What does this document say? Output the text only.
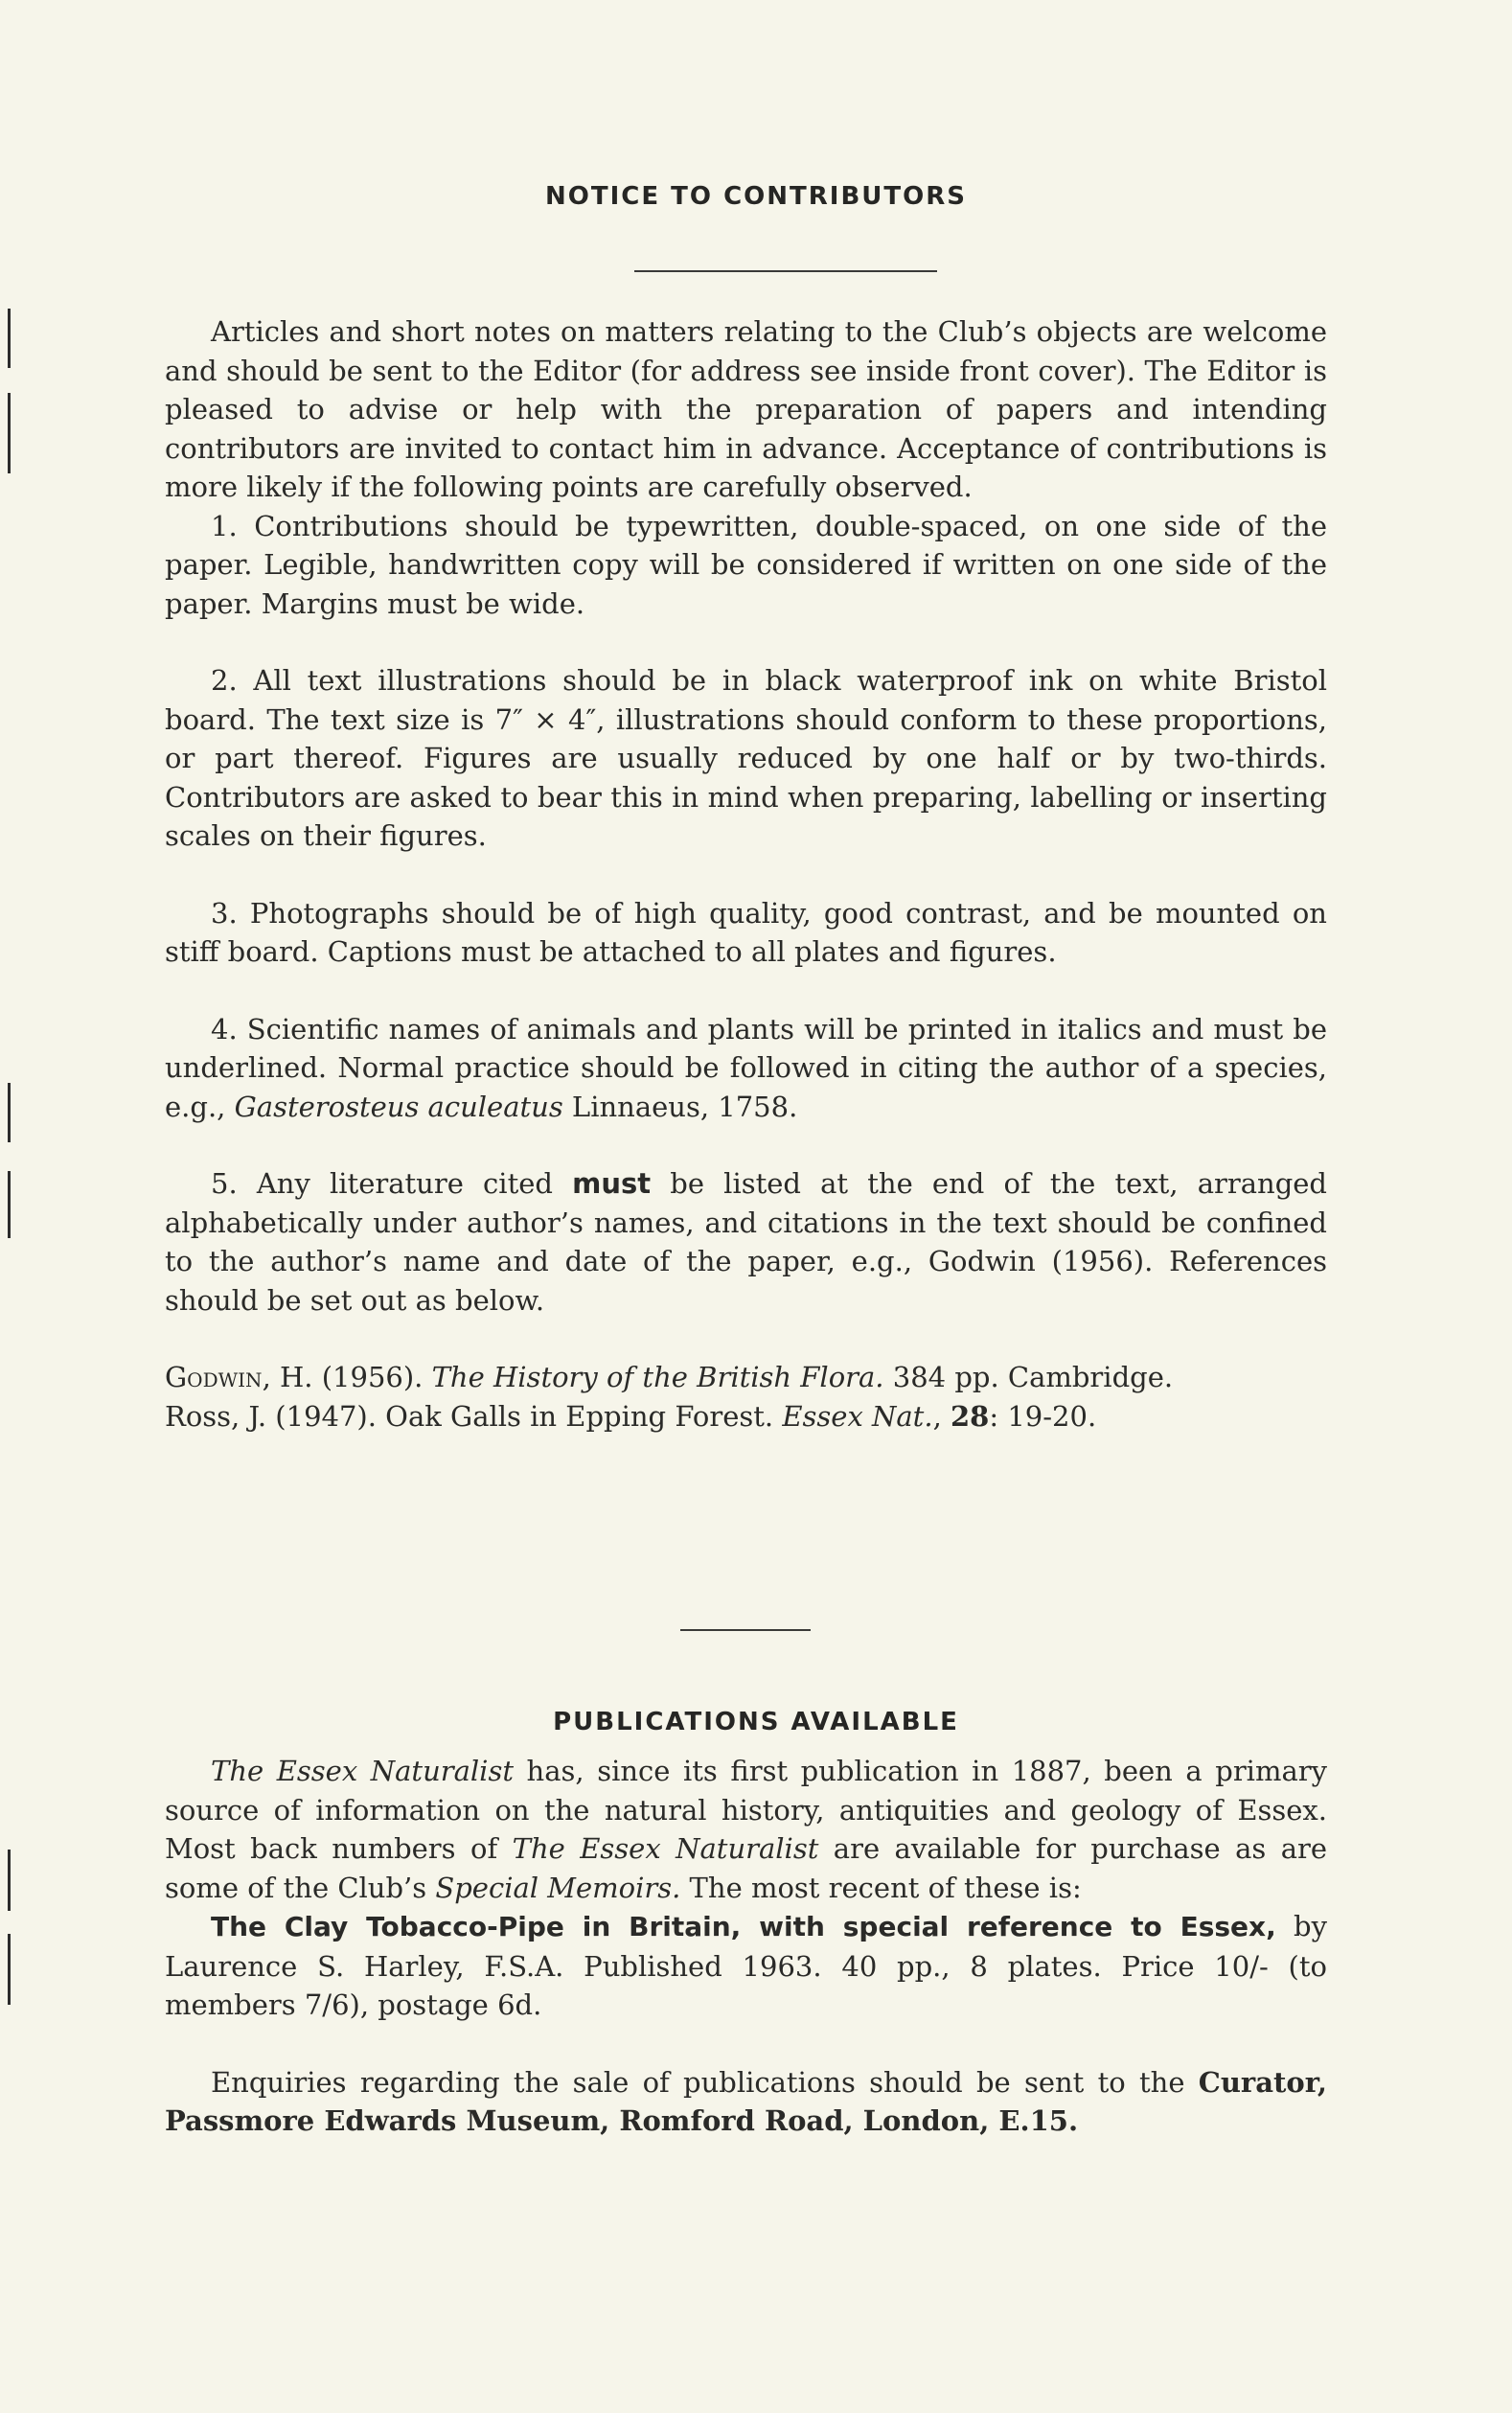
NOTICE TO CONTRIBUTORS

Articles and short notes on matters relating to the Club’s objects are welcome and should be sent to the Editor (for address see inside front cover). The Editor is pleased to advise or help with the preparation of papers and intending contributors are invited to contact him in advance. Acceptance of contributions is more likely if the following points are carefully observed.

1. Contributions should be typewritten, double-spaced, on one side of the paper. Legible, handwritten copy will be considered if written on one side of the paper. Margins must be wide.

2. All text illustrations should be in black waterproof ink on white Bristol board. The text size is 7″ × 4″, illustrations should conform to these proportions, or part thereof. Figures are usually reduced by one half or by two-thirds. Contributors are asked to bear this in mind when preparing, labelling or inserting scales on their figures.

3. Photographs should be of high quality, good contrast, and be mounted on stiff board. Captions must be attached to all plates and figures.

4. Scientific names of animals and plants will be printed in italics and must be underlined. Normal practice should be followed in citing the author of a species, e.g., Gasterosteus aculeatus Linnaeus, 1758.

5. Any literature cited must be listed at the end of the text, arranged alphabetically under author’s names, and citations in the text should be confined to the author’s name and date of the paper, e.g., Godwin (1956). References should be set out as below.

Godwin, H. (1956). The History of the British Flora. 384 pp. Cambridge.

Ross, J. (1947). Oak Galls in Epping Forest. Essex Nat., 28: 19-20.

PUBLICATIONS AVAILABLE

The Essex Naturalist has, since its first publication in 1887, been a primary source of information on the natural history, antiquities and geology of Essex. Most back numbers of The Essex Naturalist are available for purchase as are some of the Club’s Special Memoirs. The most recent of these is:

The Clay Tobacco-Pipe in Britain, with special reference to Essex, by Laurence S. Harley, F.S.A. Published 1963. 40 pp., 8 plates. Price 10/- (to members 7/6), postage 6d.

Enquiries regarding the sale of publications should be sent to the Curator, Passmore Edwards Museum, Romford Road, London, E.15.
